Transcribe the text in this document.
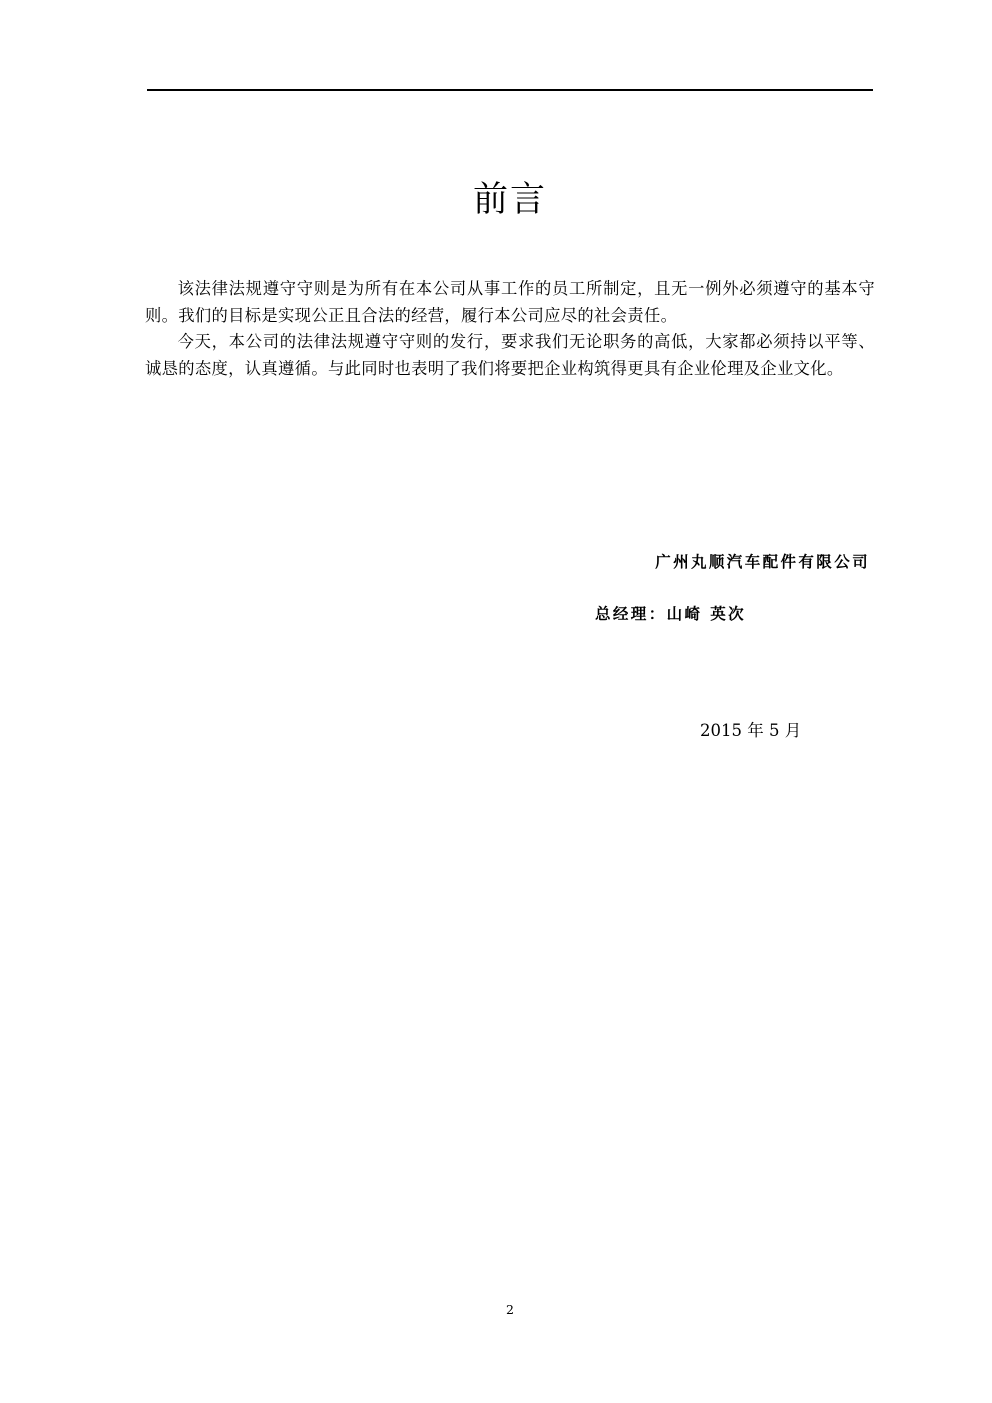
前言

该法律法规遵守守则是为所有在本公司从事工作的员工所制定，且无一例外必须遵守的基本守则。我们的目标是实现公正且合法的经营，履行本公司应尽的社会责任。

今天，本公司的法律法规遵守守则的发行，要求我们无论职务的高低，大家都必须持以平等、诚恳的态度，认真遵循。与此同时也表明了我们将要把企业构筑得更具有企业伦理及企业文化。

广州丸顺汽车配件有限公司
总经理：山崎 英次
2015 年 5 月
2
